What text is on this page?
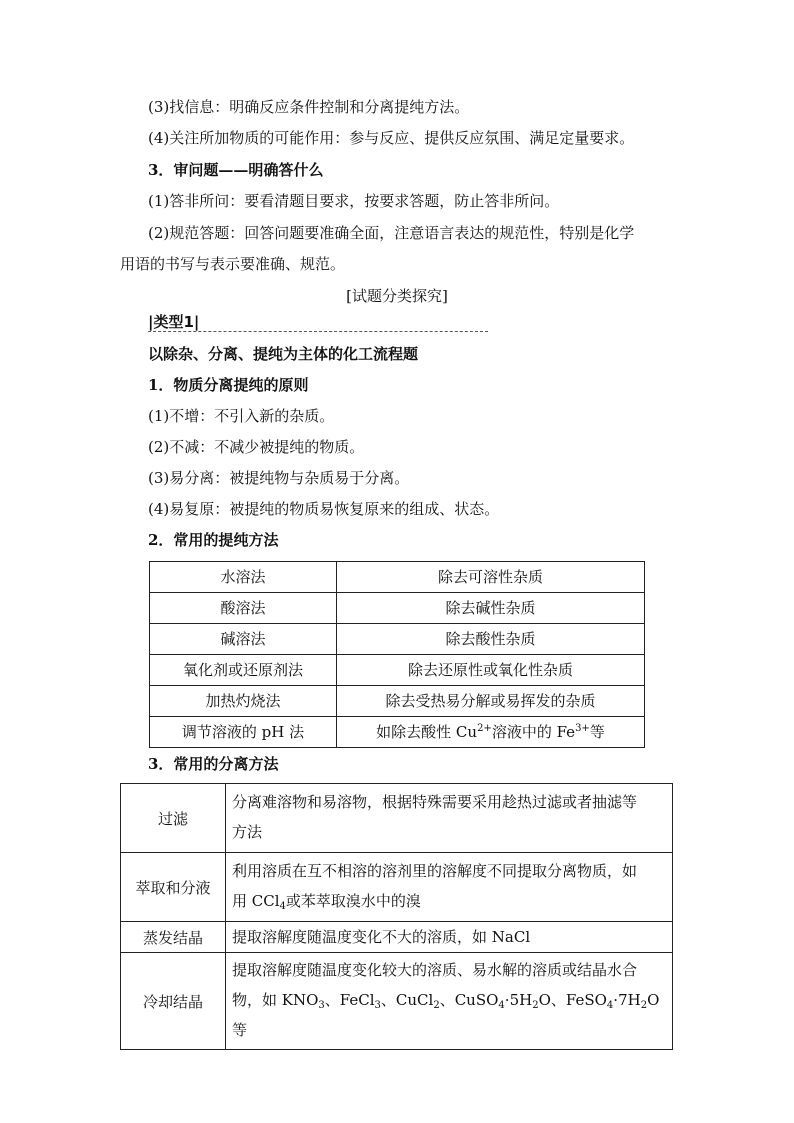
(3)找信息：明确反应条件控制和分离提纯方法。
(4)关注所加物质的可能作用：参与反应、提供反应氛围、满足定量要求。
3．审问题——明确答什么
(1)答非所问：要看清题目要求，按要求答题，防止答非所问。
(2)规范答题：回答问题要准确全面，注意语言表达的规范性，特别是化学
用语的书写与表示要准确、规范。
[试题分类探究]
|类型1|
以除杂、分离、提纯为主体的化工流程题
1．物质分离提纯的原则
(1)不增：不引入新的杂质。
(2)不减：不减少被提纯的物质。
(3)易分离：被提纯物与杂质易于分离。
(4)易复原：被提纯的物质易恢复原来的组成、状态。
2．常用的提纯方法
水溶法	除去可溶性杂质
酸溶法	除去碱性杂质
碱溶法	除去酸性杂质
氧化剂或还原剂法	除去还原性或氧化性杂质
加热灼烧法	除去受热易分解或易挥发的杂质
调节溶液的 pH 法	如除去酸性 $Cu^{2+}$溶液中的 $Fe^{3+}$等
3．常用的分离方法
过滤	分离难溶物和易溶物，根据特殊需要采用趁热过滤或者抽滤等
方法

萃取和分液	利用溶质在互不相溶的溶剂里的溶解度不同提取分离物质，如
用 CCl$_4$或苯萃取溴水中的溴

蒸发结晶	提取溶解度随温度变化不大的溶质，如 NaCl

冷却结晶	提取溶解度随温度变化较大的溶质、易水解的溶质或结晶水合
物，如 $KNO_3$、FeCl$_3$、CuCl$_2$、$CuSO_4\cdot 5H_2O$、$FeSO_4\cdot 7H_2O$ 等
